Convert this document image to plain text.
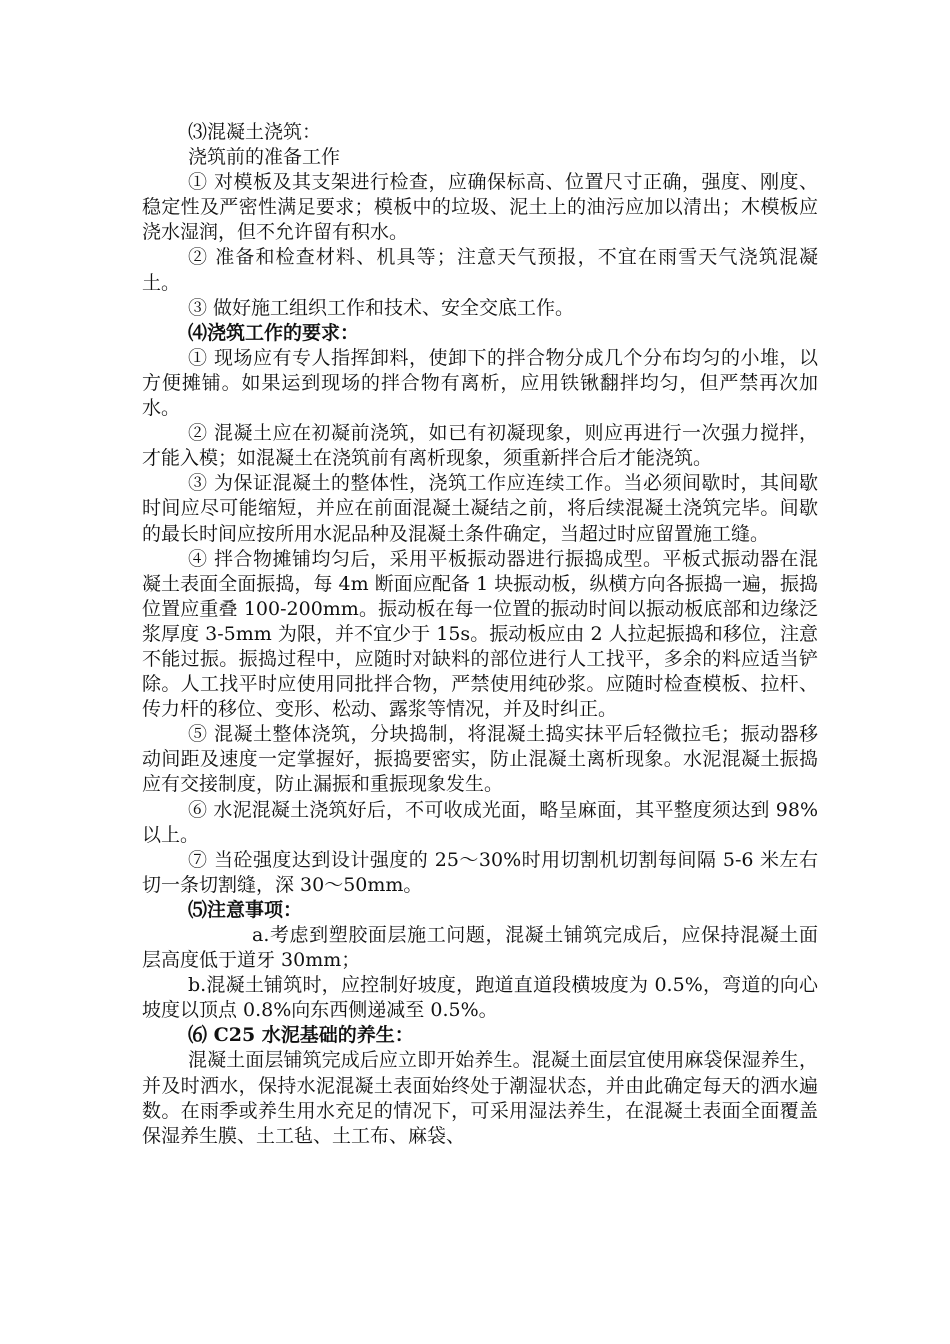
⑶混凝土浇筑：

浇筑前的准备工作

① 对模板及其支架进行检查，应确保标高、位置尺寸正确，强度、刚度、稳定性及严密性满足要求；模板中的垃圾、泥土上的油污应加以清出；木模板应浇水湿润，但不允许留有积水。

② 准备和检查材料、机具等；注意天气预报，不宜在雨雪天气浇筑混凝土。

③ 做好施工组织工作和技术、安全交底工作。

⑷浇筑工作的要求：

① 现场应有专人指挥卸料，使卸下的拌合物分成几个分布均匀的小堆，以方便摊铺。如果运到现场的拌合物有离析，应用铁锹翻拌均匀，但严禁再次加水。

② 混凝土应在初凝前浇筑，如已有初凝现象，则应再进行一次强力搅拌，才能入模；如混凝土在浇筑前有离析现象，须重新拌合后才能浇筑。

③ 为保证混凝土的整体性，浇筑工作应连续工作。当必须间歇时，其间歇时间应尽可能缩短，并应在前面混凝土凝结之前，将后续混凝土浇筑完毕。间歇的最长时间应按所用水泥品种及混凝土条件确定，当超过时应留置施工缝。

④ 拌合物摊铺均匀后，采用平板振动器进行振捣成型。平板式振动器在混凝土表面全面振捣，每 4m 断面应配备 1 块振动板，纵横方向各振捣一遍，振捣位置应重叠 100-200mm。振动板在每一位置的振动时间以振动板底部和边缘泛浆厚度 3-5mm 为限，并不宜少于 15s。振动板应由 2 人拉起振捣和移位，注意不能过振。振捣过程中，应随时对缺料的部位进行人工找平，多余的料应适当铲除。人工找平时应使用同批拌合物，严禁使用纯砂浆。应随时检查模板、拉杆、传力杆的移位、变形、松动、露浆等情况，并及时纠正。

⑤ 混凝土整体浇筑，分块捣制，将混凝土捣实抹平后轻微拉毛；振动器移动间距及速度一定掌握好，振捣要密实，防止混凝土离析现象。水泥混凝土振捣应有交接制度，防止漏振和重振现象发生。

⑥ 水泥混凝土浇筑好后，不可收成光面，略呈麻面，其平整度须达到 98%以上。

⑦ 当砼强度达到设计强度的 25～30%时用切割机切割每间隔 5-6 米左右切一条切割缝，深 30～50mm。

⑸注意事项：

a.考虑到塑胶面层施工问题，混凝土铺筑完成后，应保持混凝土面层高度低于道牙 30mm；

b.混凝土铺筑时，应控制好坡度，跑道直道段横坡度为 0.5%，弯道的向心坡度以顶点 0.8%向东西侧递减至 0.5%。

⑹ C25 水泥基础的养生：

混凝土面层铺筑完成后应立即开始养生。混凝土面层宜使用麻袋保湿养生，并及时洒水，保持水泥混凝土表面始终处于潮湿状态，并由此确定每天的洒水遍数。在雨季或养生用水充足的情况下，可采用湿法养生，在混凝土表面全面覆盖保湿养生膜、土工毡、土工布、麻袋、
